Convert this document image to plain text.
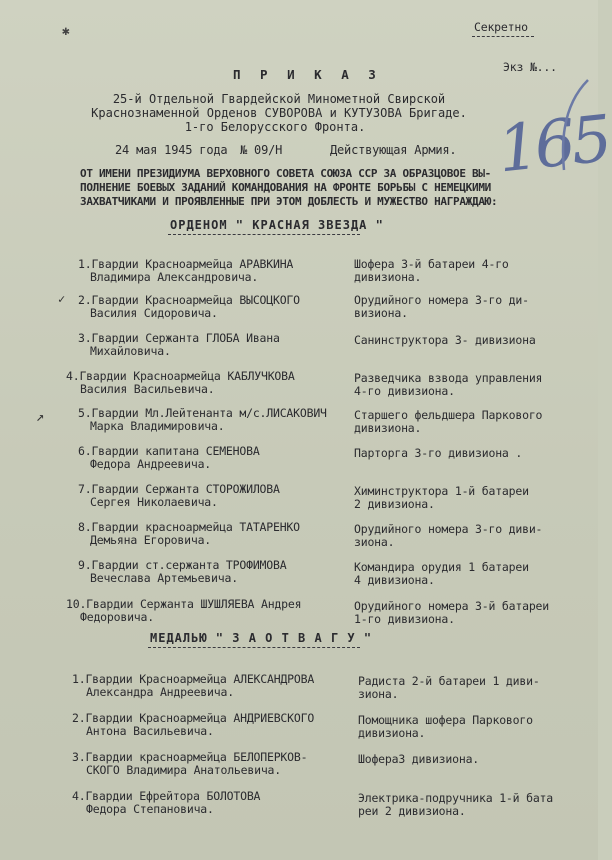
Секретно
Экз №...
✱
165
П Р И К А З
25-й Отдельной Гвардейской Минометной Свирской
Краснознаменной Орденов СУВОРОВА и КУТУЗОВА Бригаде.
1-го Белорусского Фронта.
24 мая 1945 года № 09/Н	Действующая Армия.
ОТ ИМЕНИ ПРЕЗИДИУМА ВЕРХОВНОГО СОВЕТА СОЮЗА ССР ЗА ОБРАЗЦОВОЕ ВЫ-
ПОЛНЕНИЕ БОЕВЫХ ЗАДАНИЙ КОМАНДОВАНИЯ НА ФРОНТЕ БОРЬБЫ С НЕМЕЦКИМИ
ЗАХВАТЧИКАМИ И ПРОЯВЛЕННЫЕ ПРИ ЭТОМ ДОБЛЕСТЬ И МУЖЕСТВО НАГРАЖДАЮ:
ОРДЕНОМ " КРАСНАЯ ЗВЕЗДА "
1.Гвардии Красноармейца АРАВКИНА
Владимира Александровича.
Шофера 3-й батареи 4-го
дивизиона.
2.Гвардии Красноармейца ВЫСОЦКОГО
Василия Сидоровича.
Орудийного номера 3-го ди-
визиона.
3.Гвардии Сержанта ГЛОБА Ивана
Михайловича.
Санинструктора 3- дивизиона
4.Гвардии Красноармейца КАБЛУЧКОВА
Василия Васильевича.
Разведчика взвода управления
4-го дивизиона.
5.Гвардии Мл.Лейтенанта м/с.ЛИСАКОВИЧ
Марка Владимировича.
Старшего фельдшера Паркового
дивизиона.
6.Гвардии капитана СЕМЕНОВА
Федора Андреевича.
Парторга 3-го дивизиона .
7.Гвардии Сержанта СТОРОЖИЛОВА
Сергея Николаевича.
Химинструктора 1-й батареи
2 дивизиона.
8.Гвардии красноармейца ТАТАРЕНКО
Демьяна Егоровича.
Орудийного номера 3-го диви-
зиона.
9.Гвардии ст.сержанта ТРОФИМОВА
Вечеслава Артемьевича.
Командира орудия 1 батареи
4 дивизиона.
10.Гвардии Сержанта ШУШЛЯЕВА Андрея
Федоровича.
Орудийного номера 3-й батареи
1-го дивизиона.
МЕДАЛЬЮ " З А О Т В А Г У "
1.Гвардии Красноармейца АЛЕКСАНДРОВА
Александра Андреевича.
Радиста 2-й батареи 1 диви-
зиона.
2.Гвардии Красноармейца АНДРИЕВСКОГО
Антона Васильевича.
Помощника шофера Паркового
дивизиона.
3.Гвардии красноармейца БЕЛОПЕРКОВ-
СКОГО Владимира Анатольевича.
Шофера3 дивизиона.
4.Гвардии Ефрейтора БОЛОТОВА
Федора Степановича.
Электрика-подручника 1-й бата
реи 2 дивизиона.
↗
✓
